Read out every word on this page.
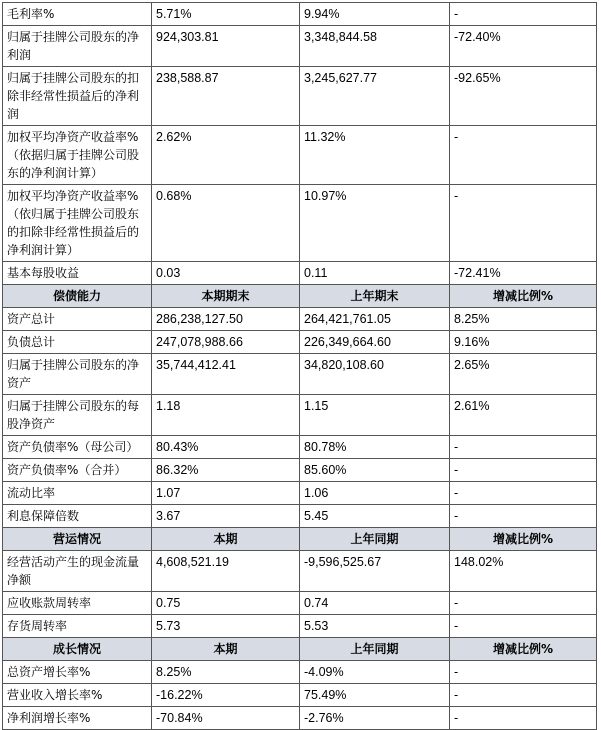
毛利率%	5.71%	9.94%	-
归属于挂牌公司股东的净利润	924,303.81	3,348,844.58	-72.40%
归属于挂牌公司股东的扣除非经常性损益后的净利润	238,588.87	3,245,627.77	-92.65%
加权平均净资产收益率%（依据归属于挂牌公司股东的净利润计算）	2.62%	11.32%	-
加权平均净资产收益率%（依归属于挂牌公司股东的扣除非经常性损益后的净利润计算）	0.68%	10.97%	-
基本每股收益	0.03	0.11	-72.41%
偿债能力	本期期末	上年期末	增减比例%
资产总计	286,238,127.50	264,421,761.05	8.25%
负债总计	247,078,988.66	226,349,664.60	9.16%
归属于挂牌公司股东的净资产	35,744,412.41	34,820,108.60	2.65%
归属于挂牌公司股东的每股净资产	1.18	1.15	2.61%
资产负债率%（母公司）	80.43%	80.78%	-
资产负债率%（合并）	86.32%	85.60%	-
流动比率	1.07	1.06	-
利息保障倍数	3.67	5.45	-
营运情况	本期	上年同期	增减比例%
经营活动产生的现金流量净额	4,608,521.19	-9,596,525.67	148.02%
应收账款周转率	0.75	0.74	-
存货周转率	5.73	5.53	-
成长情况	本期	上年同期	增减比例%
总资产增长率%	8.25%	-4.09%	-
营业收入增长率%	-16.22%	75.49%	-
净利润增长率%	-70.84%	-2.76%	-
